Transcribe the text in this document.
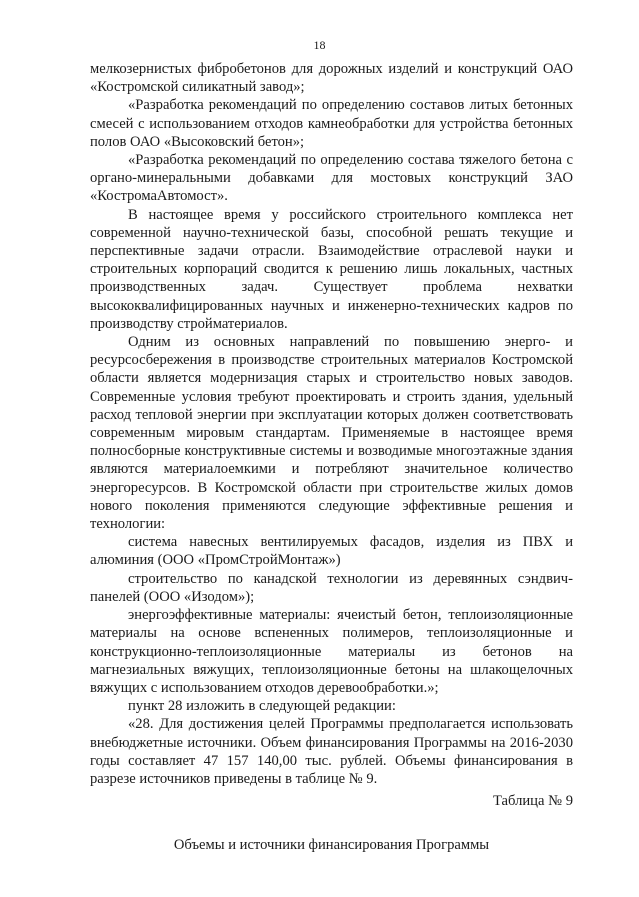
18

мелкозернистых фибробетонов для дорожных изделий и конструкций ОАО «Костромской силикатный завод»;

«Разработка рекомендаций по определению составов литых бетонных смесей с использованием отходов камнеобработки для устройства бетонных полов ОАО «Высоковский бетон»;

«Разработка рекомендаций по определению состава тяжелого бетона с органо-минеральными добавками для мостовых конструкций ЗАО «КостромаАвтомост».

В настоящее время у российского строительного комплекса нет современной научно-технической базы, способной решать текущие и перспективные задачи отрасли. Взаимодействие отраслевой науки и строительных корпораций сводится к решению лишь локальных, частных производственных задач. Существует проблема нехватки высококвалифицированных научных и инженерно-технических кадров по производству стройматериалов.

Одним из основных направлений по повышению энерго- и ресурсосбережения в производстве строительных материалов Костромской области является модернизация старых и строительство новых заводов. Современные условия требуют проектировать и строить здания, удельный расход тепловой энергии при эксплуатации которых должен соответствовать современным мировым стандартам. Применяемые в настоящее время полносборные конструктивные системы и возводимые многоэтажные здания являются материалоемкими и потребляют значительное количество энергоресурсов. В Костромской области при строительстве жилых домов нового поколения применяются следующие эффективные решения и технологии:

система навесных вентилируемых фасадов, изделия из ПВХ и алюминия (ООО «ПромСтройМонтаж»)

строительство по канадской технологии из деревянных сэндвич-панелей (ООО «Изодом»);

энергоэффективные материалы: ячеистый бетон, теплоизоляционные материалы на основе вспененных полимеров, теплоизоляционные и конструкционно-теплоизоляционные материалы из бетонов на магнезиальных вяжущих, теплоизоляционные бетоны на шлакощелочных вяжущих с использованием отходов деревообработки.»;

пункт 28 изложить в следующей редакции:

«28. Для достижения целей Программы предполагается использовать внебюджетные источники. Объем финансирования Программы на 2016-2030 годы составляет 47 157 140,00 тыс. рублей. Объемы финансирования в разрезе источников приведены в таблице № 9.

Таблица № 9

Объемы и источники финансирования Программы
